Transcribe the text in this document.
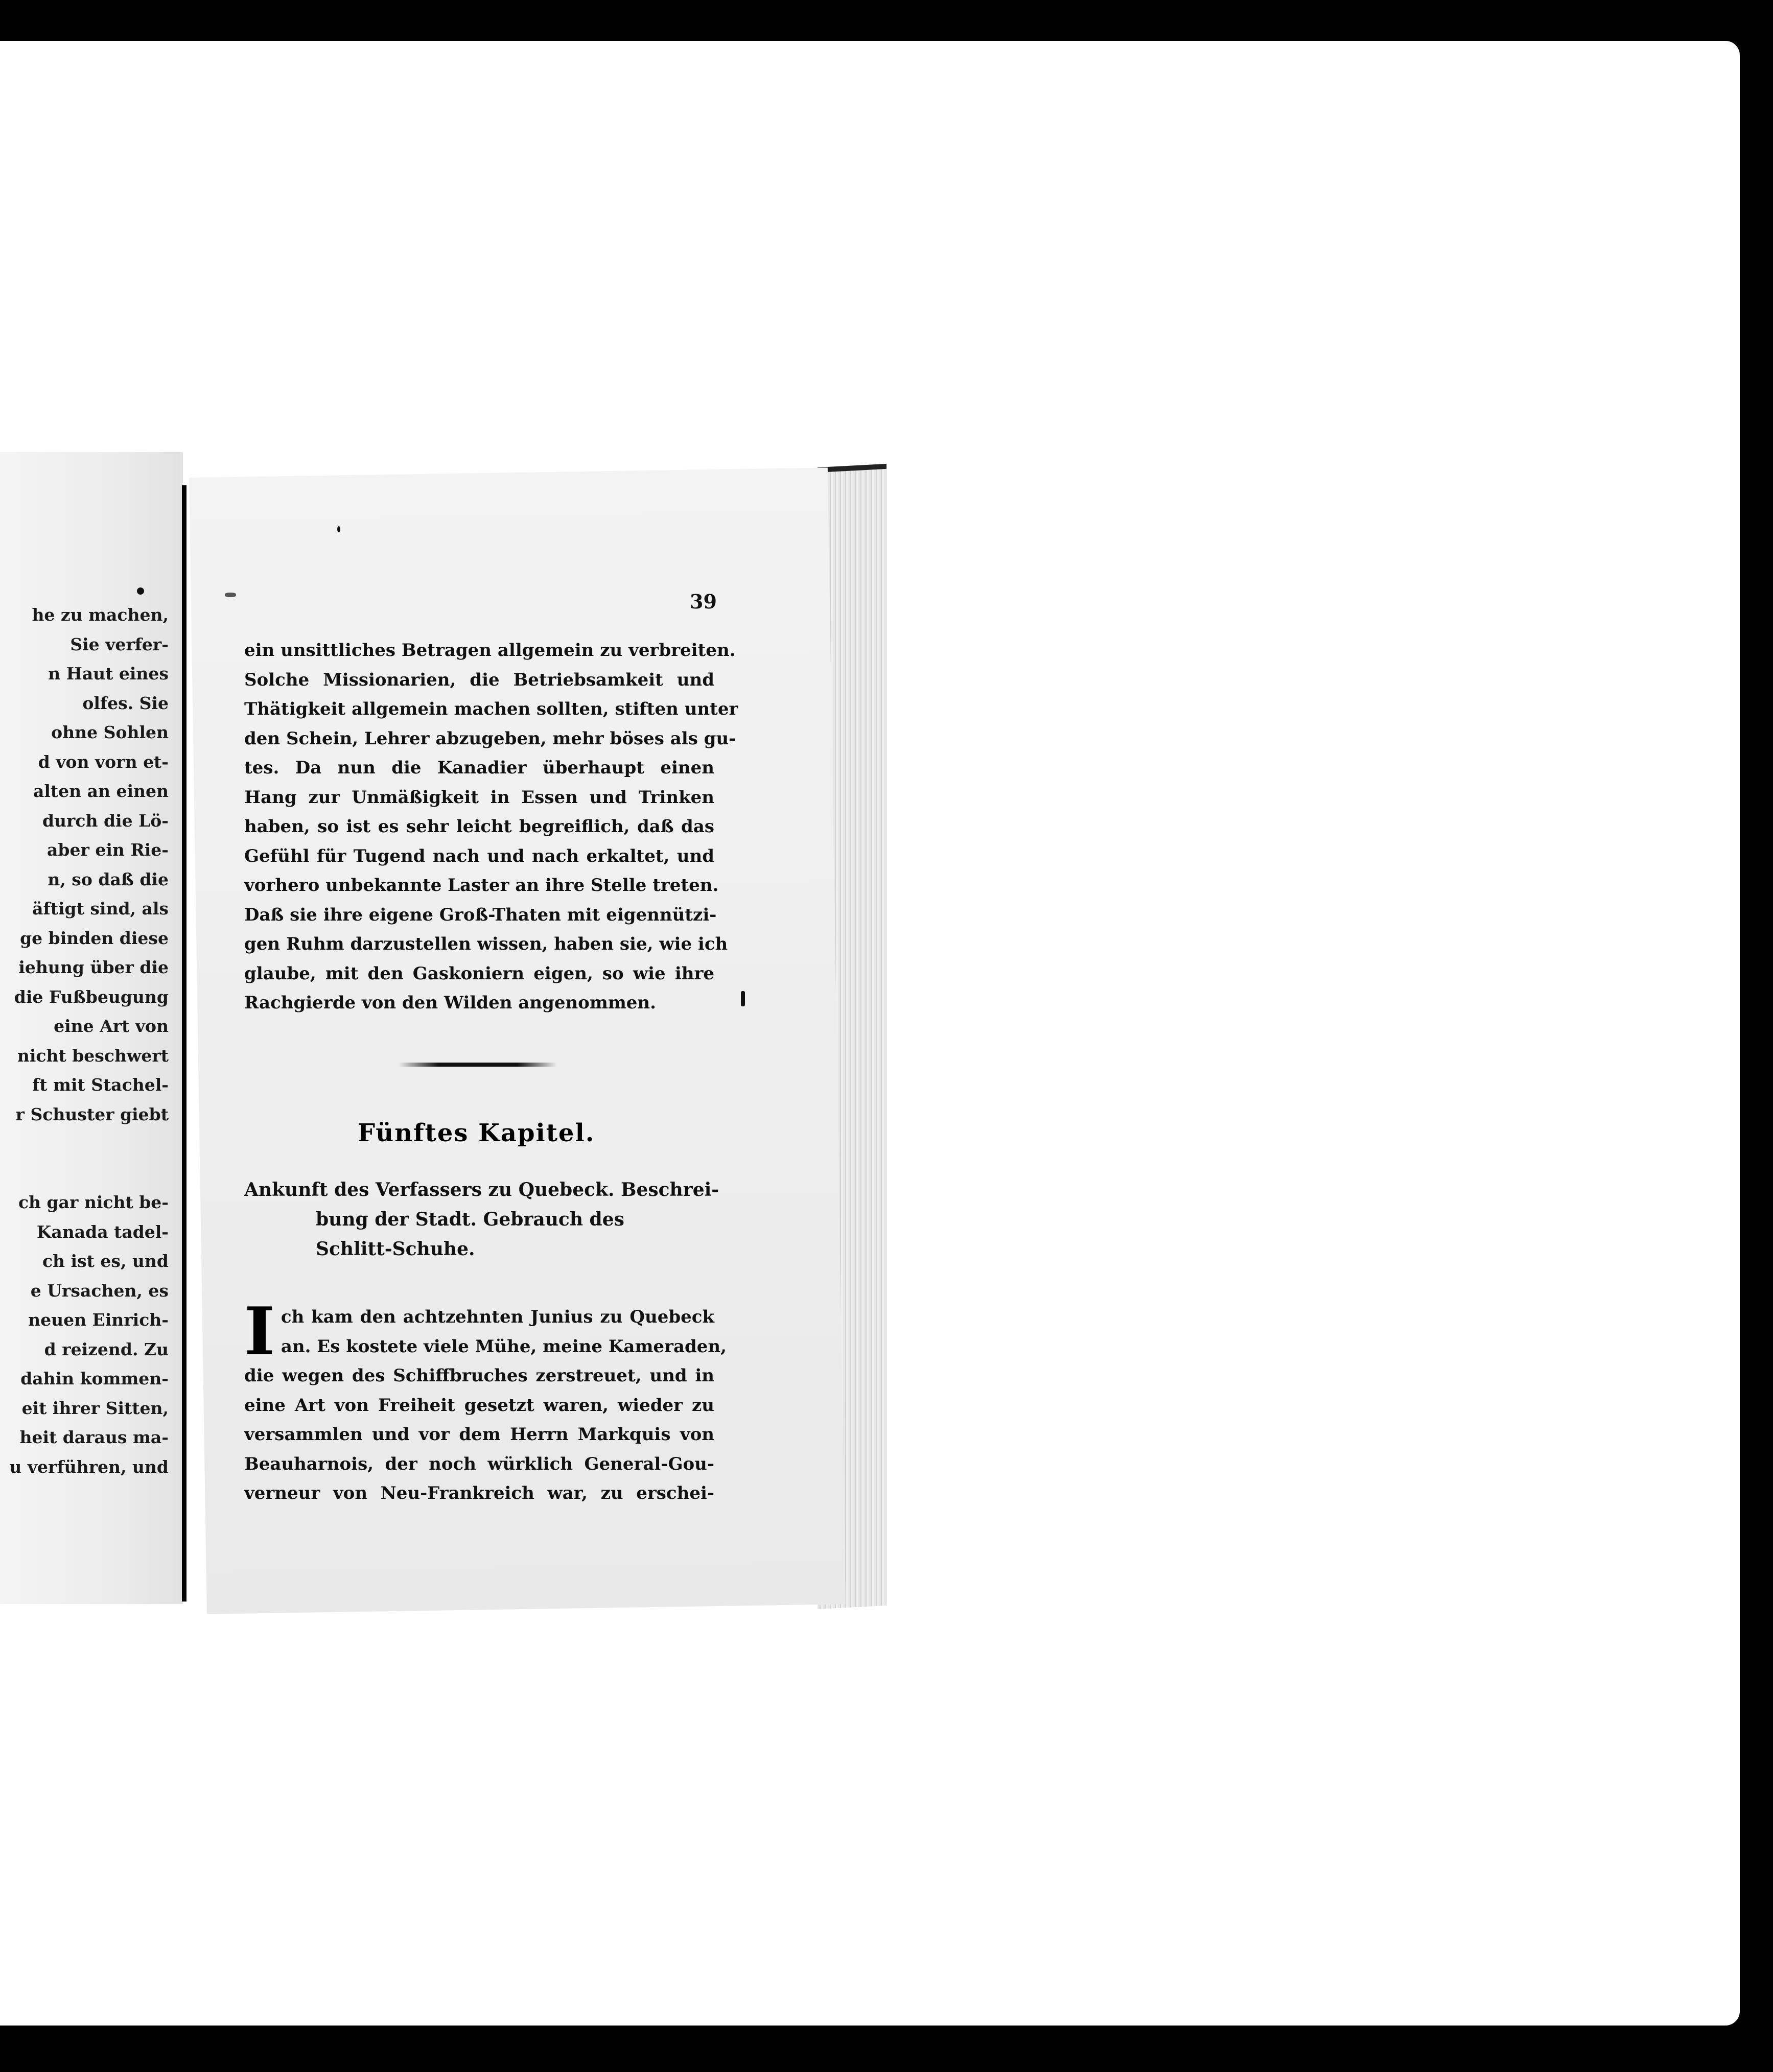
he zu machen,
Sie verfer-
n Haut eines
olfes. Sie
ohne Sohlen
d von vorn et-
alten an einen
durch die Lö-
aber ein Rie-
n, so daß die
äftigt sind, als
ge binden diese
iehung über die
die Fußbeugung
eine Art von
nicht beschwert
ft mit Stachel-
r Schuster giebt
ch gar nicht be-
Kanada tadel-
ch ist es, und
e Ursachen, es
neuen Einrich-
d reizend. Zu
dahin kommen-
eit ihrer Sitten,
heit daraus ma-
u verführen, und
39
ein unsittliches Betragen allgemein zu verbreiten.
Solche Missionarien, die Betriebsamkeit und
Thätigkeit allgemein machen sollten, stiften unter
den Schein, Lehrer abzugeben, mehr böses als gu-
tes. Da nun die Kanadier überhaupt einen
Hang zur Unmäßigkeit in Essen und Trinken
haben, so ist es sehr leicht begreiflich, daß das
Gefühl für Tugend nach und nach erkaltet, und
vorhero unbekannte Laster an ihre Stelle treten.
Daß sie ihre eigene Groß-Thaten mit eigennützi-
gen Ruhm darzustellen wissen, haben sie, wie ich
glaube, mit den Gaskoniern eigen, so wie ihre
Rachgierde von den Wilden angenommen.
Fünftes Kapitel.
Ankunft des Verfassers zu Quebeck. Beschrei-
bung der Stadt. Gebrauch des
Schlitt-Schuhe.
I ch kam den achtzehnten Junius zu Quebeck
an. Es kostete viele Mühe, meine Kameraden,
die wegen des Schiffbruches zerstreuet, und in
eine Art von Freiheit gesetzt waren, wieder zu
versammlen und vor dem Herrn Markquis von
Beauharnois, der noch würklich General-Gou-
verneur von Neu-Frankreich war, zu erschei-
✗
